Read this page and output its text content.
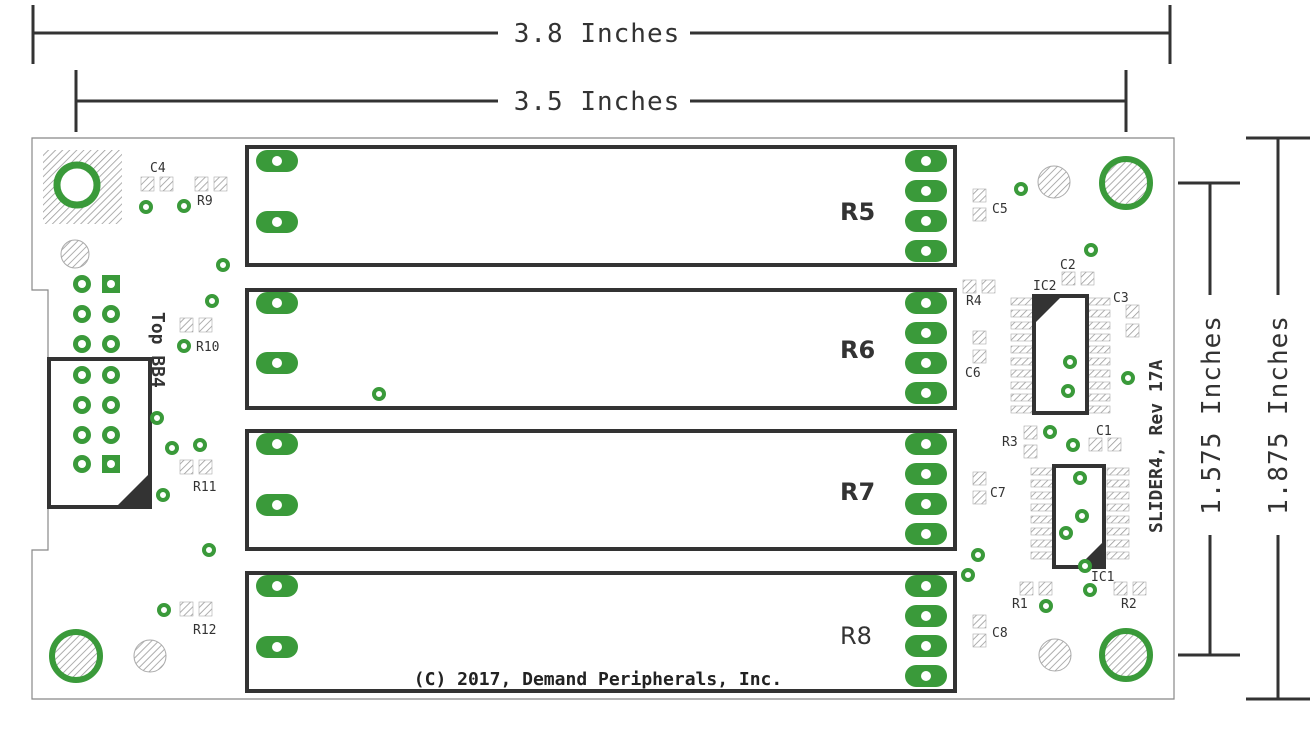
3.8 Inches
3.5 Inches
1.575 Inches 1.875 Inches
R5
R6
R7
R8
Top BB4
IC2
IC1
C4
R9
R10
R11
R12
C5
C6
C7
C8
R4
C2
C3
R3
C1
R1	R2
SLIDER4, Rev 17A
(C) 2017, Demand Peripherals, Inc.
